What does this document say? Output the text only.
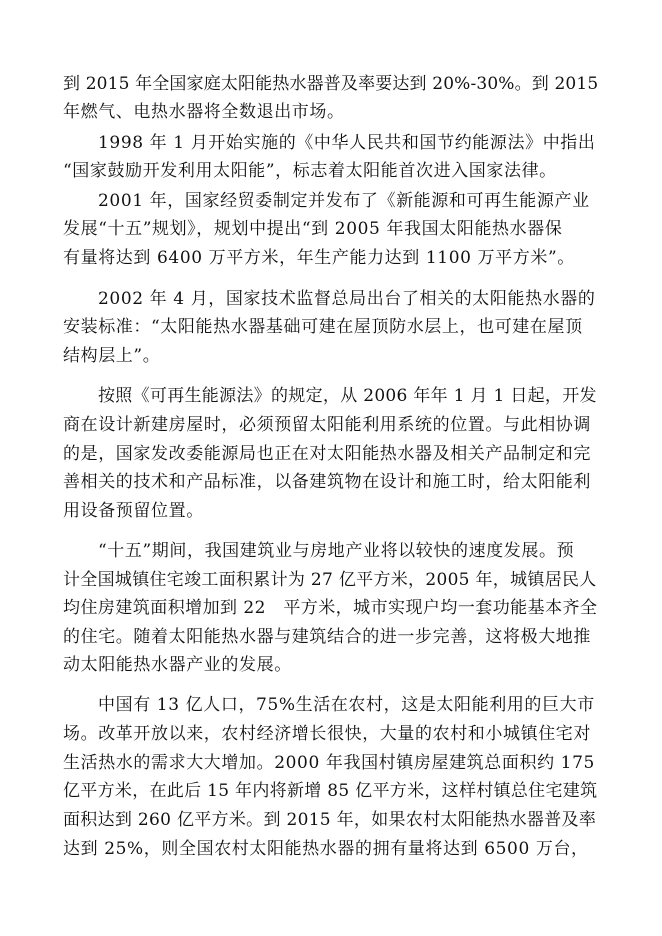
到 2015 年全国家庭太阳能热水器普及率要达到 20%-30%。到 2015
年燃气、电热水器将全数退出市场。
1998 年 1 月开始实施的《中华人民共和国节约能源法》中指出
“国家鼓励开发利用太阳能”，标志着太阳能首次进入国家法律。
2001 年，国家经贸委制定并发布了《新能源和可再生能源产业
发展“十五”规划》，规划中提出“到 2005 年我国太阳能热水器保
有量将达到 6400 万平方米，年生产能力达到 1100 万平方米”。
2002 年 4 月，国家技术监督总局出台了相关的太阳能热水器的
安装标准：“太阳能热水器基础可建在屋顶防水层上，也可建在屋顶
结构层上”。
按照《可再生能源法》的规定，从 2006 年年 1 月 1 日起，开发
商在设计新建房屋时，必须预留太阳能利用系统的位置。与此相协调
的是，国家发改委能源局也正在对太阳能热水器及相关产品制定和完
善相关的技术和产品标准，以备建筑物在设计和施工时，给太阳能利
用设备预留位置。
“十五”期间，我国建筑业与房地产业将以较快的速度发展。预
计全国城镇住宅竣工面积累计为 27 亿平方米，2005 年，城镇居民人
均住房建筑面积增加到 22　平方米，城市实现户均一套功能基本齐全
的住宅。随着太阳能热水器与建筑结合的进一步完善，这将极大地推
动太阳能热水器产业的发展。
中国有 13 亿人口，75%生活在农村，这是太阳能利用的巨大市
场。改革开放以来，农村经济增长很快，大量的农村和小城镇住宅对
生活热水的需求大大增加。2000 年我国村镇房屋建筑总面积约 175
亿平方米，在此后 15 年内将新增 85 亿平方米，这样村镇总住宅建筑
面积达到 260 亿平方米。到 2015 年，如果农村太阳能热水器普及率
达到 25%，则全国农村太阳能热水器的拥有量将达到 6500 万台，
